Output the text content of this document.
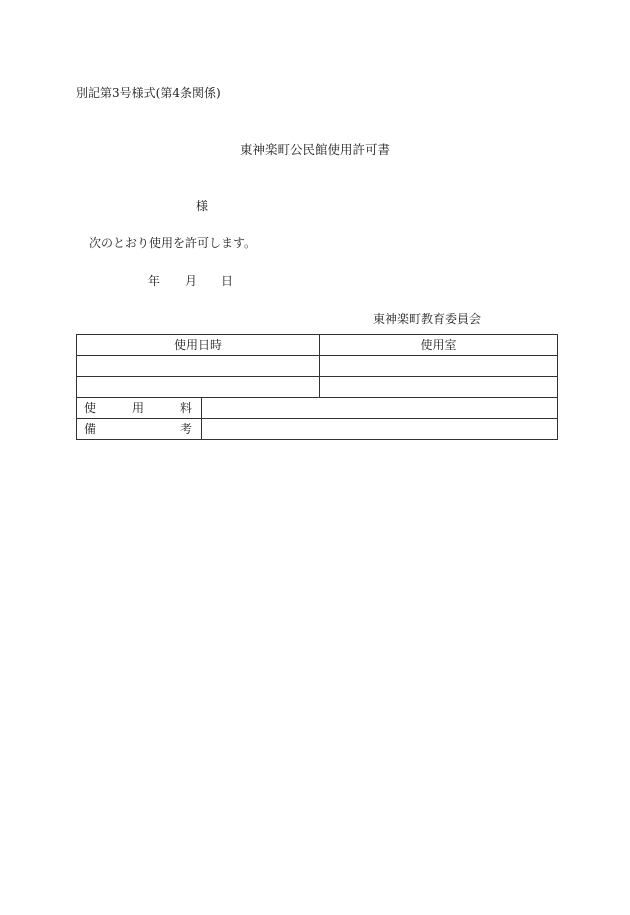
別記第3号様式(第4条関係)
東神楽町公民館使用許可書
様
次のとおり使用を許可します。
年 月 日
東神楽町教育委員会
使用日時		使用室

使 用 料		

備 考		
